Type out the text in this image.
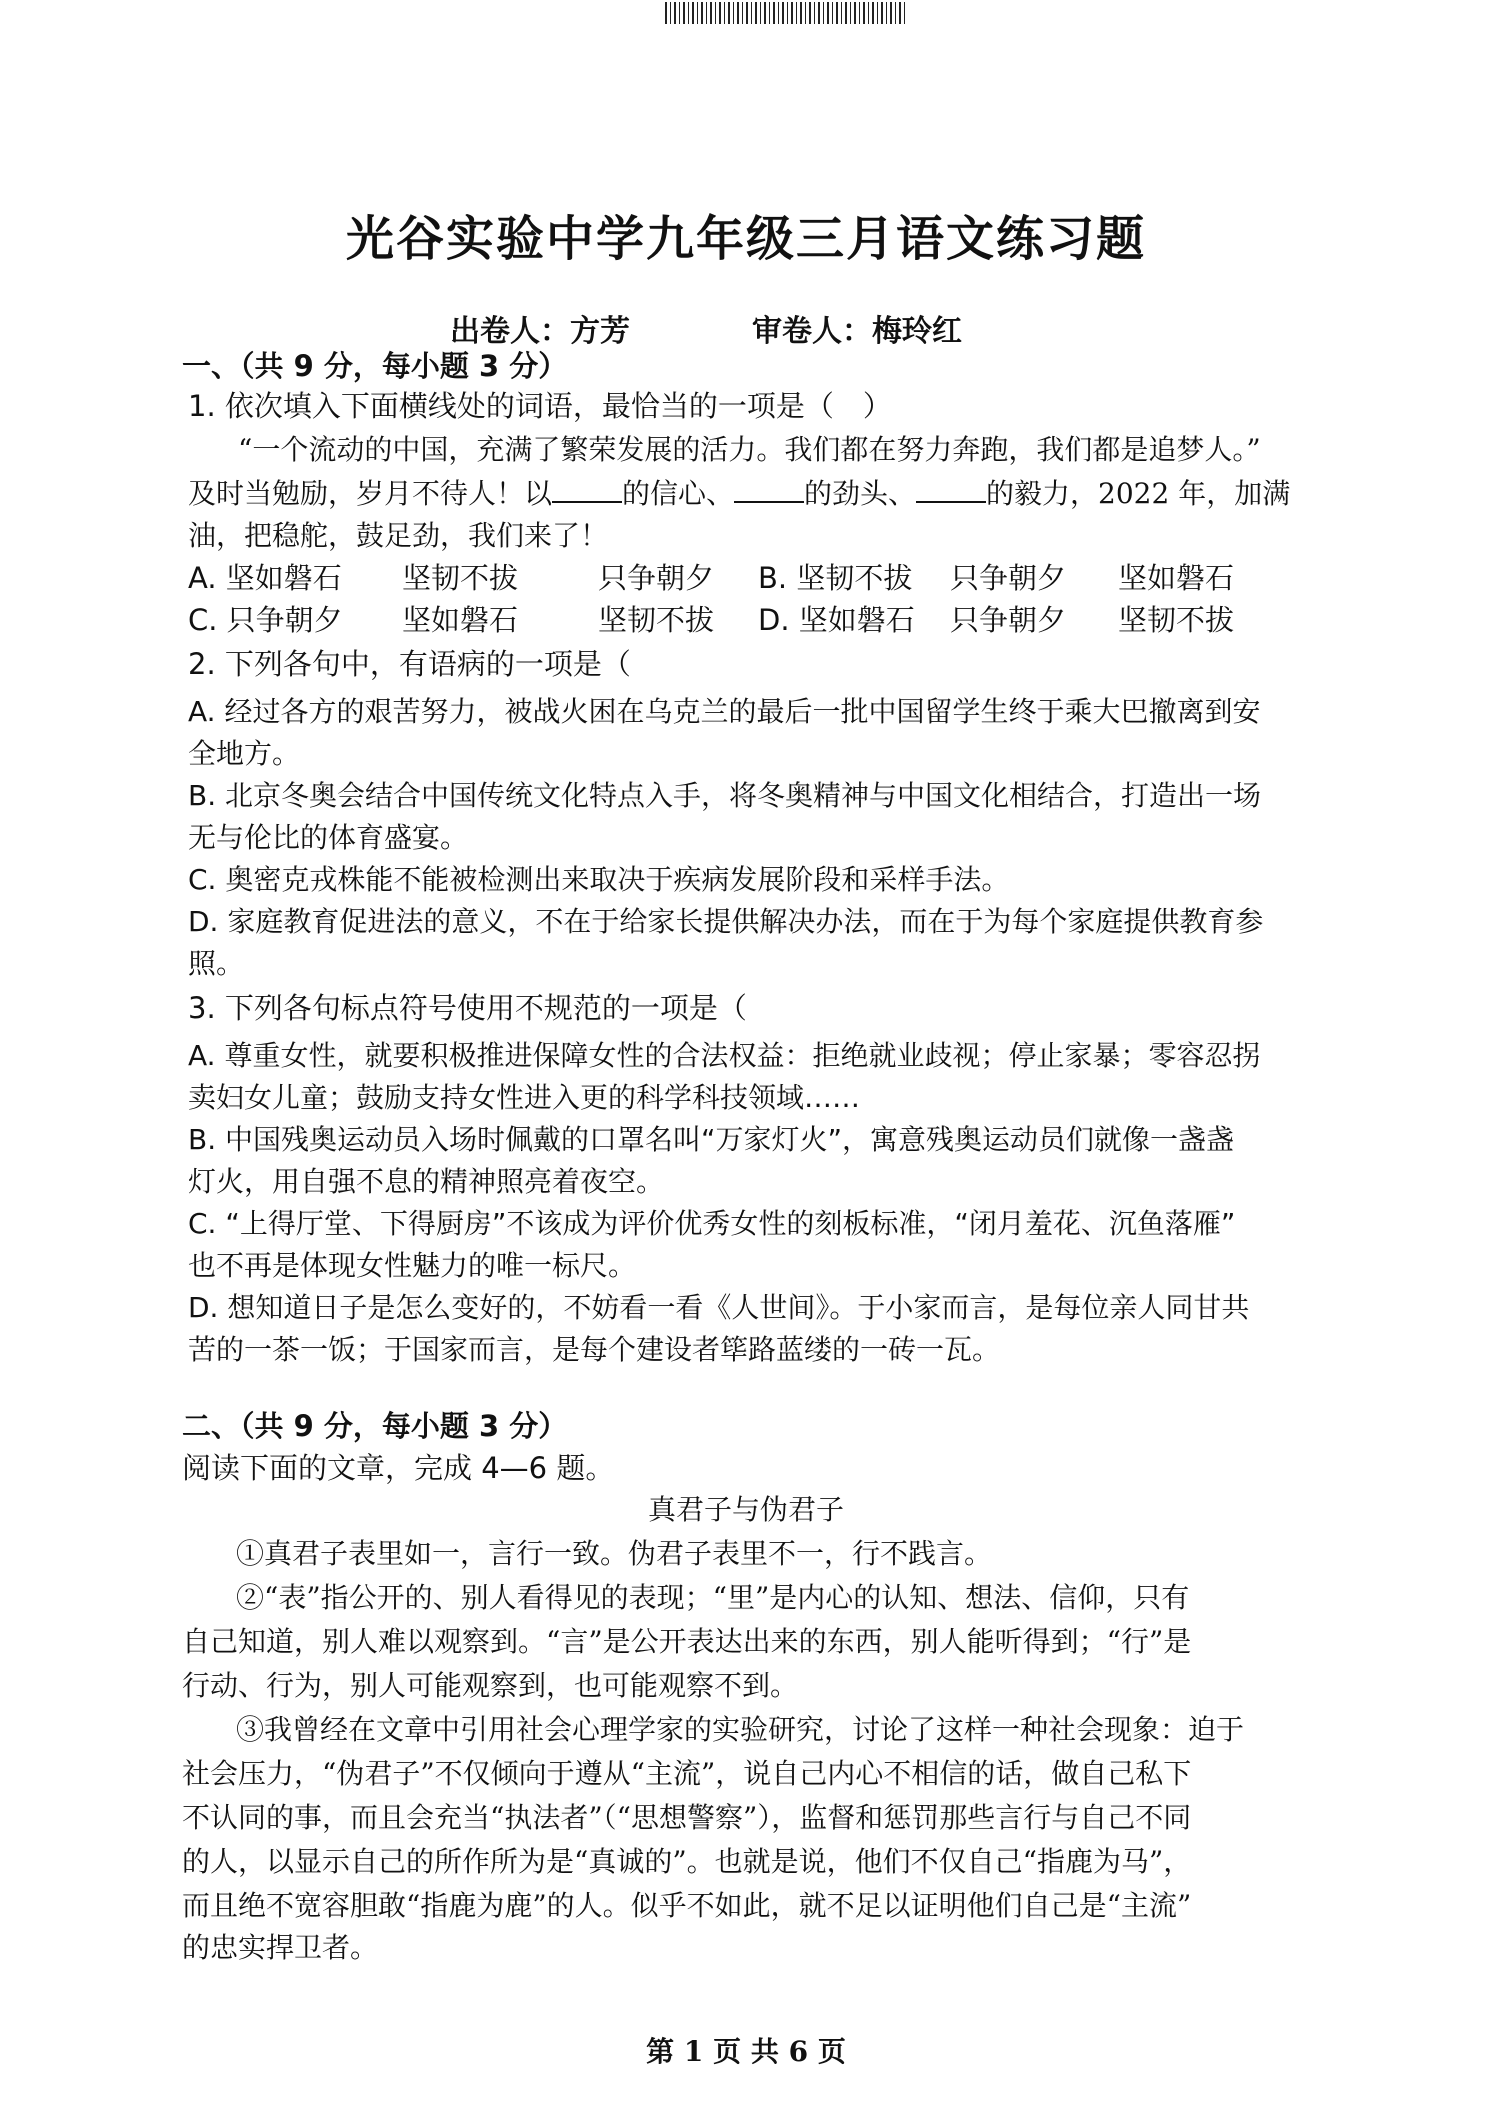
光谷实验中学九年级三月语文练习题
出卷人：方芳	审卷人：梅玲红
一、（共 9 分，每小题 3 分）
1. 依次填入下面横线处的词语，最恰当的一项是（　）
“一个流动的中国，充满了繁荣发展的活力。我们都在努力奔跑，我们都是追梦人。”
及时当勉励，岁月不待人！以	的信心、	的劲头、	的毅力，2022 年，加满
油，把稳舵，鼓足劲，我们来了！
A. 坚如磐石 坚韧不拔	只争朝夕 B. 坚韧不拔 只争朝夕 坚如磐石
C. 只争朝夕 坚如磐石	坚韧不拔 D. 坚如磐石 只争朝夕 坚韧不拔
2. 下列各句中，有语病的一项是（
A. 经过各方的艰苦努力，被战火困在乌克兰的最后一批中国留学生终于乘大巴撤离到安
全地方。
B. 北京冬奥会结合中国传统文化特点入手，将冬奥精神与中国文化相结合，打造出一场
无与伦比的体育盛宴。
C. 奥密克戎株能不能被检测出来取决于疾病发展阶段和采样手法。
D. 家庭教育促进法的意义，不在于给家长提供解决办法，而在于为每个家庭提供教育参
照。
3. 下列各句标点符号使用不规范的一项是（
A. 尊重女性，就要积极推进保障女性的合法权益：拒绝就业歧视；停止家暴；零容忍拐
卖妇女儿童；鼓励支持女性进入更的科学科技领域……
B. 中国残奥运动员入场时佩戴的口罩名叫“万家灯火”，寓意残奥运动员们就像一盏盏
灯火，用自强不息的精神照亮着夜空。
C. “上得厅堂、下得厨房”不该成为评价优秀女性的刻板标准，“闭月羞花、沉鱼落雁”
也不再是体现女性魅力的唯一标尺。
D. 想知道日子是怎么变好的，不妨看一看《人世间》。于小家而言，是每位亲人同甘共
苦的一茶一饭；于国家而言，是每个建设者筚路蓝缕的一砖一瓦。
二、（共 9 分，每小题 3 分）
阅读下面的文章，完成 4—6 题。
真君子与伪君子
①真君子表里如一，言行一致。伪君子表里不一，行不践言。
②“表”指公开的、别人看得见的表现；“里”是内心的认知、想法、信仰，只有
自己知道，别人难以观察到。“言”是公开表达出来的东西，别人能听得到；“行”是
行动、行为，别人可能观察到，也可能观察不到。
③我曾经在文章中引用社会心理学家的实验研究，讨论了这样一种社会现象：迫于
社会压力，“伪君子”不仅倾向于遵从“主流”，说自己内心不相信的话，做自己私下
不认同的事，而且会充当“执法者”（“思想警察”），监督和惩罚那些言行与自己不同
的人，以显示自己的所作所为是“真诚的”。也就是说，他们不仅自己“指鹿为马”，
而且绝不宽容胆敢“指鹿为鹿”的人。似乎不如此，就不足以证明他们自己是“主流”
的忠实捍卫者。
第 1 页 共 6 页
